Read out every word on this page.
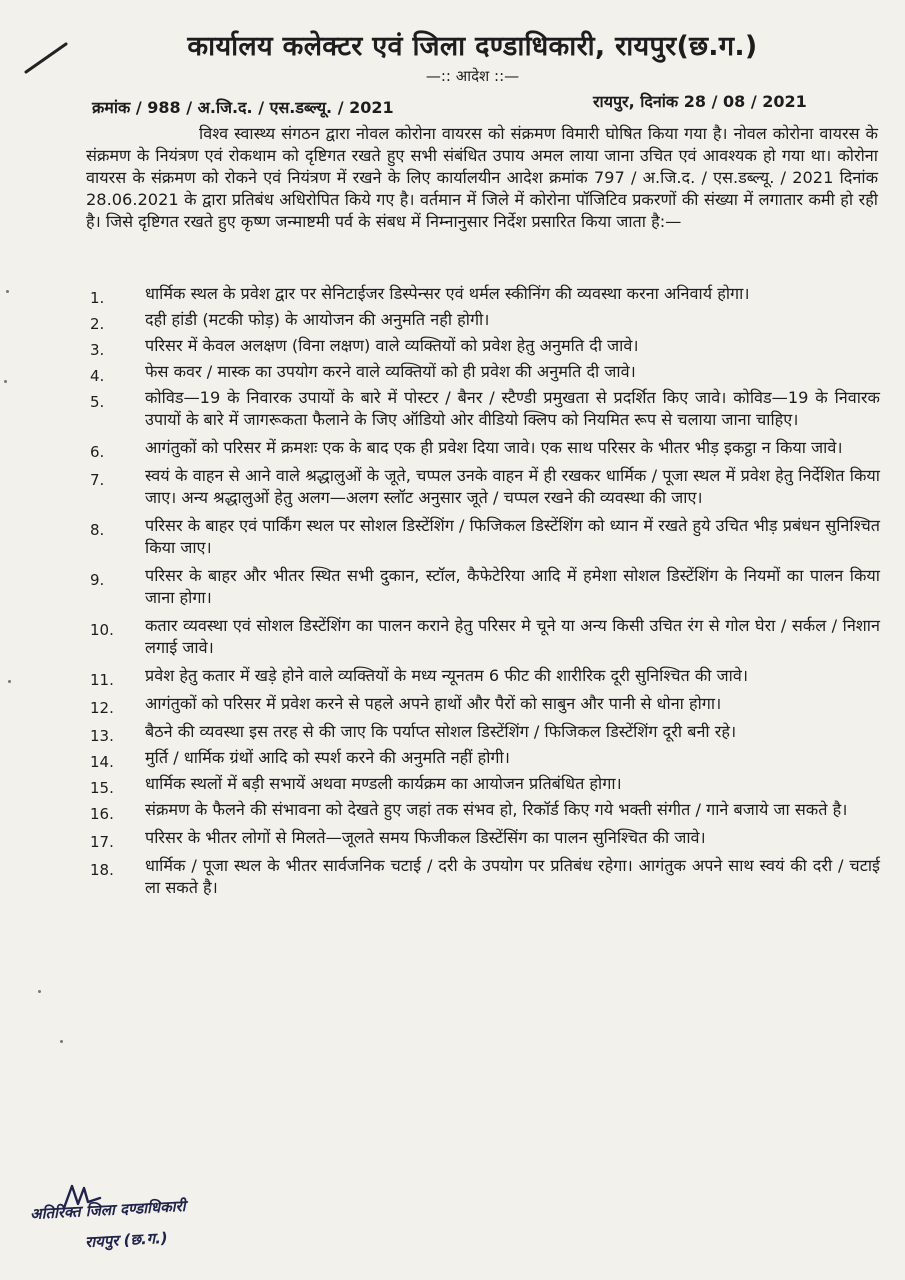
कार्यालय कलेक्टर एवं जिला दण्डाधिकारी, रायपुर(छ.ग.)
—:: आदेश ::—
क्रमांक / 988 / अ.जि.द. / एस.डब्ल्यू. / 2021	रायपुर, दिनांक 28 / 08 / 2021
विश्व स्वास्थ्य संगठन द्वारा नोवल कोरोना वायरस को संक्रमण विमारी घोषित किया गया है। नोवल कोरोना वायरस के संक्रमण के नियंत्रण एवं रोकथाम को दृष्टिगत रखते हुए सभी संबंधित उपाय अमल लाया जाना उचित एवं आवश्यक हो गया था। कोरोना वायरस के संक्रमण को रोकने एवं नियंत्रण में रखने के लिए कार्यालयीन आदेश क्रमांक 797 / अ.जि.द. / एस.डब्ल्यू. / 2021 दिनांक 28.06.2021 के द्वारा प्रतिबंध अधिरोपित किये गए है। वर्तमान में जिले में कोरोना पॉजिटिव प्रकरणों की संख्या में लगातार कमी हो रही है। जिसे दृष्टिगत रखते हुए कृष्ण जन्माष्टमी पर्व के संबध में निम्नानुसार निर्देश प्रसारित किया जाता है:—
1.	धार्मिक स्थल के प्रवेश द्वार पर सेनिटाईजर डिस्पेन्सर एवं थर्मल स्कीनिंग की व्यवस्था करना अनिवार्य होगा।
2.	दही हांडी (मटकी फोड़) के आयोजन की अनुमति नही होगी।
3.	परिसर में केवल अलक्षण (विना लक्षण) वाले व्यक्तियों को प्रवेश हेतु अनुमति दी जावे।
4.	फेस कवर / मास्क का उपयोग करने वाले व्यक्तियों को ही प्रवेश की अनुमति दी जावे।
5.	कोविड—19 के निवारक उपायों के बारे में पोस्टर / बैनर / स्टैण्डी प्रमुखता से प्रदर्शित किए जावे। कोविड—19 के निवारक उपायों के बारे में जागरूकता फैलाने के जिए ऑडियो ओर वीडियो क्लिप को नियमित रूप से चलाया जाना चाहिए।
6.	आगंतुकों को परिसर में क्रमशः एक के बाद एक ही प्रवेश दिया जावे। एक साथ परिसर के भीतर भीड़ इकट्ठा न किया जावे।
7.	स्वयं के वाहन से आने वाले श्रद्धालुओं के जूते, चप्पल उनके वाहन में ही रखकर धार्मिक / पूजा स्थल में प्रवेश हेतु निर्देशित किया जाए। अन्य श्रद्धालुओं हेतु अलग—अलग स्लॉट अनुसार जूते / चप्पल रखने की व्यवस्था की जाए।
8.	परिसर के बाहर एवं पार्किंग स्थल पर सोशल डिस्टेंशिंग / फिजिकल डिस्टेंशिंग को ध्यान में रखते हुये उचित भीड़ प्रबंधन सुनिश्चित किया जाए।
9.	परिसर के बाहर और भीतर स्थित सभी दुकान, स्टॉल, कैफेटेरिया आदि में हमेशा सोशल डिस्टेंशिंग के नियमों का पालन किया जाना होगा।
10.	कतार व्यवस्था एवं सोशल डिस्टेंशिंग का पालन कराने हेतु परिसर मे चूने या अन्य किसी उचित रंग से गोल घेरा / सर्कल / निशान लगाई जावे।
11.	प्रवेश हेतु कतार में खड़े होने वाले व्यक्तियों के मध्य न्यूनतम 6 फीट की शारीरिक दूरी सुनिश्चित की जावे।
12.	आगंतुकों को परिसर में प्रवेश करने से पहले अपने हाथों और पैरों को साबुन और पानी से धोना होगा।
13.	बैठने की व्यवस्था इस तरह से की जाए कि पर्याप्त सोशल डिस्टेंशिंग / फिजिकल डिस्टेंशिंग दूरी बनी रहे।
14.	मुर्ति / धार्मिक ग्रंथों आदि को स्पर्श करने की अनुमति नहीं होगी।
15.	धार्मिक स्थलों में बड़ी सभायें अथवा मण्डली कार्यक्रम का आयोजन प्रतिबंधित होगा।
16.	संक्रमण के फैलने की संभावना को देखते हुए जहां तक संभव हो, रिकॉर्ड किए गये भक्ती संगीत / गाने बजाये जा सकते है।
17.	परिसर के भीतर लोगों से मिलते—जूलते समय फिजीकल डिस्टेंसिंग का पालन सुनिश्चित की जावे।
18.	धार्मिक / पूजा स्थल के भीतर सार्वजनिक चटाई / दरी के उपयोग पर प्रतिबंध रहेगा। आगंतुक अपने साथ स्वयं की दरी / चटाई ला सकते है।
अतिरिक्त जिला दण्डाधिकारी
रायपुर (छ.ग.)
